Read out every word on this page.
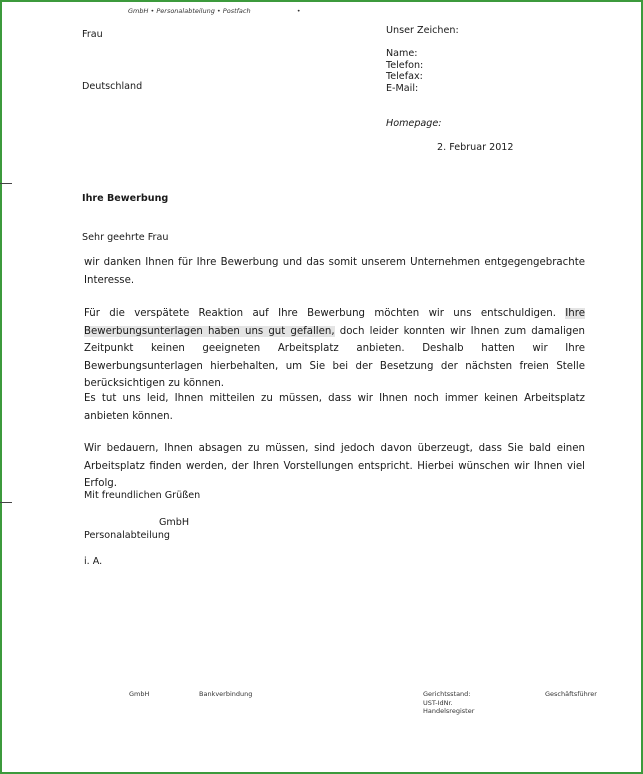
GmbH • Personalabteilung • Postfach	•
Frau
Deutschland
Unser Zeichen:
Name:
Telefon:
Telefax:
E-Mail:
Homepage:
2. Februar 2012
Ihre Bewerbung
Sehr geehrte Frau
wir danken Ihnen für Ihre Bewerbung und das somit unserem Unternehmen entgegengebrachte Interesse.
Für die verspätete Reaktion auf Ihre Bewerbung möchten wir uns entschuldigen. Ihre Bewerbungsunterlagen haben uns gut gefallen, doch leider konnten wir Ihnen zum damaligen Zeitpunkt keinen geeigneten Arbeitsplatz anbieten. Deshalb hatten wir Ihre Bewerbungsunterlagen hierbehalten, um Sie bei der Besetzung der nächsten freien Stelle berücksichtigen zu können.
Es tut uns leid, Ihnen mitteilen zu müssen, dass wir Ihnen noch immer keinen Arbeitsplatz anbieten können.
Wir bedauern, Ihnen absagen zu müssen, sind jedoch davon überzeugt, dass Sie bald einen Arbeitsplatz finden werden, der Ihren Vorstellungen entspricht. Hierbei wünschen wir Ihnen viel Erfolg.
Mit freundlichen Grüßen
GmbH
Personalabteilung
i. A.
GmbH	Bankverbindung	Gerichtsstand:
UST-IdNr.
Handelsregister
Geschäftsführer
